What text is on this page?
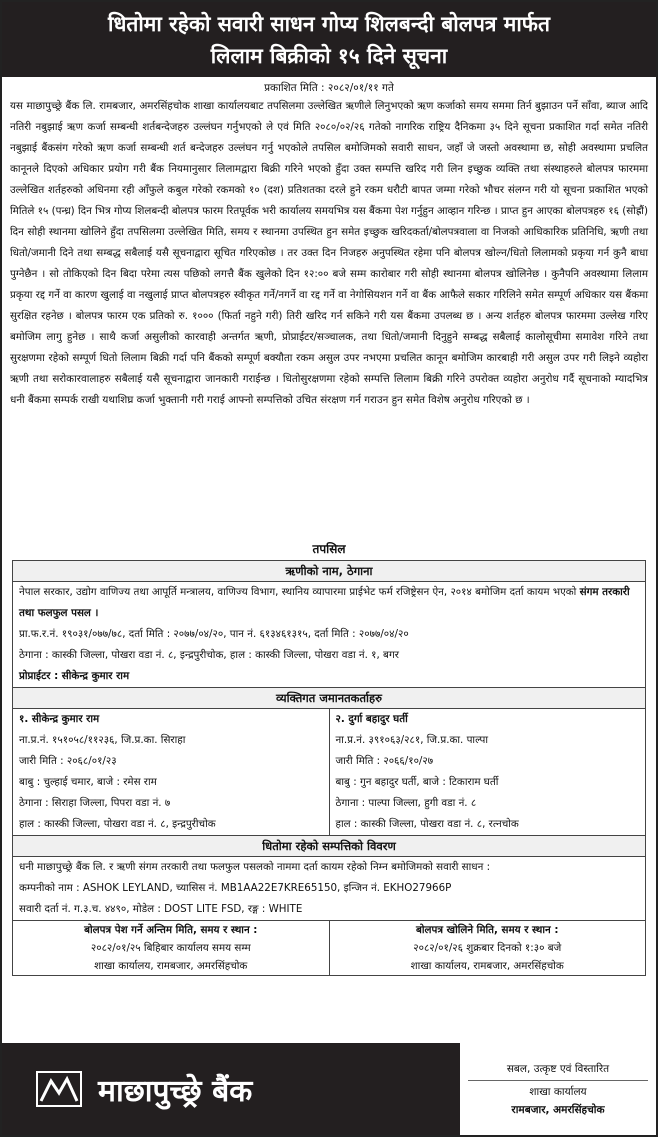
धितोमा रहेको सवारी साधन गोप्य शिलबन्दी बोलपत्र मार्फत
लिलाम बिक्रीको १५ दिने सूचना
प्रकाशित मिति : २०८२/०१/११ गते
यस माछापुच्छ्रे बैंक लि. रामबजार, अमरसिंहचोक शाखा कार्यालयबाट तपसिलमा उल्लेखित ऋणीले लिनुभएको ऋण कर्जाको समय सममा तिर्न बुझाउन पर्ने साँवा, ब्याज आदि नतिरी नबुझाई ऋण कर्जा सम्बन्धी शर्तबन्देजहरु उल्लंघन गर्नुभएको ले एवं मिति २०८०/०२/२६ गतेको नागरिक राष्ट्रिय दैनिकमा ३५ दिने सूचना प्रकाशित गर्दा समेत नतिरी नबुझाई बैंकसंग गरेको ऋण कर्जा सम्बन्धी शर्त बन्देजहरु उल्लंघन गर्नु भएकोले तपसिल बमोजिमको सवारी साधन, जहाँ जे जस्तो अवस्थामा छ, सोही अवस्थामा प्रचलित कानूनले दिएको अधिकार प्रयोग गरी बैंक नियमानुसार लिलामद्वारा बिक्री गरिने भएको हुँदा उक्त सम्पत्ति खरिद गरी लिन इच्छुक व्यक्ति तथा संस्थाहरुले बोलपत्र फारममा उल्लेखित शर्तहरुको अधिनमा रही आँफुले कबुल गरेको रकमको १० (दश) प्रतिशतका दरले हुने रकम धरौटी बापत जम्मा गरेको भौचर संलग्न गरी यो सूचना प्रकाशित भएको मितिले १५ (पन्ध्र) दिन भित्र गोप्य शिलबन्दी बोलपत्र फारम रितपूर्वक भरी कार्यालय समयभित्र यस बैंकमा पेश गर्नुहुन आव्हान गरिन्छ । प्राप्त हुन आएका बोलपत्रहरु १६ (सोह्रौं) दिन सोही स्थानमा खोलिने हुँदा तपसिलमा उल्लेखित मिति, समय र स्थानमा उपस्थित हुन समेत इच्छुक खरिदकर्ता/बोलपत्रवाला वा निजको आधिकारिक प्रतिनिधि, ऋणी तथा धितो/जमानी दिने तथा सम्बद्ध सबैलाई यसै सूचनाद्वारा सूचित गरिएकोछ । तर उक्त दिन निजहरु अनुपस्थित रहेमा पनि बोलपत्र खोल्न/धितो लिलामको प्रकृया गर्न कुनै बाधा पुग्नेछैन । सो तोकिएको दिन बिदा परेमा त्यस पछिको लगत्तै बैंक खुलेको दिन १२:०० बजे सम्म कारोबार गरी सोही स्थानमा बोलपत्र खोलिनेछ । कुनैपनि अवस्थामा लिलाम प्रकृया रद्द गर्ने वा कारण खुलाई वा नखुलाई प्राप्त बोलपत्रहरु स्वीकृत गर्ने/नगर्ने वा रद्द गर्ने वा नेगोसियशन गर्ने वा बैंक आफैले सकार गरिलिने समेत सम्पूर्ण अधिकार यस बैंकमा सुरक्षित रहनेछ । बोलपत्र फारम एक प्रतिको रु. १००० (फिर्ता नहुने गरी) तिरी खरिद गर्न सकिने गरी यस बैंकमा उपलब्ध छ । अन्य शर्तहरु बोलपत्र फारममा उल्लेख गरिए बमोजिम लागु हुनेछ । साथै कर्जा असुलीको कारवाही अन्तर्गत ऋणी, प्रोप्राईटर/सञ्चालक, तथा धितो/जमानी दिनुहुने सम्बद्ध सबैलाई कालोसूचीमा समावेश गरिने तथा सुरक्षणमा रहेको सम्पूर्ण धितो लिलाम बिक्री गर्दा पनि बैंकको सम्पूर्ण बक्यौता रकम असुल उपर नभएमा प्रचलित कानून बमोजिम कारबाही गरी असुल उपर गरी लिइने व्यहोरा ऋणी तथा सरोकारवालाहरु सबैलाई यसै सूचनाद्वारा जानकारी गराईन्छ । धितोसुरक्षणमा रहेको सम्पत्ति लिलाम बिक्री गरिने उपरोक्त व्यहोरा अनुरोध गर्दै सूचनाको म्यादभित्र धनी बैंकमा सम्पर्क राखी यथाशिघ्र कर्जा भुक्तानी गरी गराई आफ्नो सम्पत्तिको उचित संरक्षण गर्न गराउन हुन समेत विशेष अनुरोध गरिएको छ ।
तपसिल
ऋणीको नाम, ठेगाना
नेपाल सरकार, उद्योग वाणिज्य तथा आपूर्ति मन्त्रालय, वाणिज्य विभाग, स्थानिय व्यापारमा प्राईभेट फर्म रजिष्ट्रेसन ऐन, २०१४ बमोजिम दर्ता कायम भएको संगम तरकारी तथा फलफुल पसल ।
प्रा.फ.र.नं. १९०३१/०७७/७८, दर्ता मिति : २०७७/०४/२०, पान नं. ६१३४६१३१५, दर्ता मिति : २०७७/०४/२०
ठेगाना : कास्की जिल्ला, पोखरा वडा नं. ८, इन्द्रपुरीचोक, हाल : कास्की जिल्ला, पोखरा वडा नं. १, बगर
प्रोप्राईटर : सीकेन्द्र कुमार राम
व्यक्तिगत जमानतकर्ताहरु
१. सीकेन्द्र कुमार राम
ना.प्र.नं. १५१०५८/११२३६, जि.प्र.का. सिराहा
जारी मिति : २०६८/०१/२३
बाबु : चुल्हाई चमार, बाजे : रमेस राम
ठेगाना : सिराहा जिल्ला, पिपरा वडा नं. ७
हाल : कास्की जिल्ला, पोखरा वडा नं. ८, इन्द्रपुरीचोक
२. दुर्गा बहादुर घर्ती
ना.प्र.नं. ३९१०६३/२८१, जि.प्र.का. पाल्पा
जारी मिति : २०६६/१०/२७
बाबु : गुन बहादुर घर्ती, बाजे : टिकाराम घर्ती
ठेगाना : पाल्पा जिल्ला, हुगी वडा नं. ८
हाल : कास्की जिल्ला, पोखरा वडा नं. ८, रत्नचोक
धितोमा रहेको सम्पत्तिको विवरण
धनी माछापुच्छ्रे बैंक लि. र ऋणी संगम तरकारी तथा फलफुल पसलको नाममा दर्ता कायम रहेको निम्न बमोजिमको सवारी साधन :
कम्पनीको नाम : ASHOK LEYLAND, च्यासिस नं. MB1AA22E7KRE65150, इन्जिन नं. EKHO27966P
सवारी दर्ता नं. ग.३.च. ४४९०, मोडेल : DOST LITE FSD, रङ्ग : WHITE
बोलपत्र पेश गर्ने अन्तिम मिति, समय र स्थान :
२०८२/०१/२५ बिहिबार कार्यालय समय सम्म
शाखा कार्यालय, रामबजार, अमरसिंहचोक
बोलपत्र खोलिने मिति, समय र स्थान :
२०८२/०१/२६ शुक्रबार दिनको १:३० बजे
शाखा कार्यालय, रामबजार, अमरसिंहचोक
माछापुच्छ्रे बैंक
सबल, उत्कृष्ट एवं विस्तारित
शाखा कार्यालय
रामबजार, अमरसिंहचोक
